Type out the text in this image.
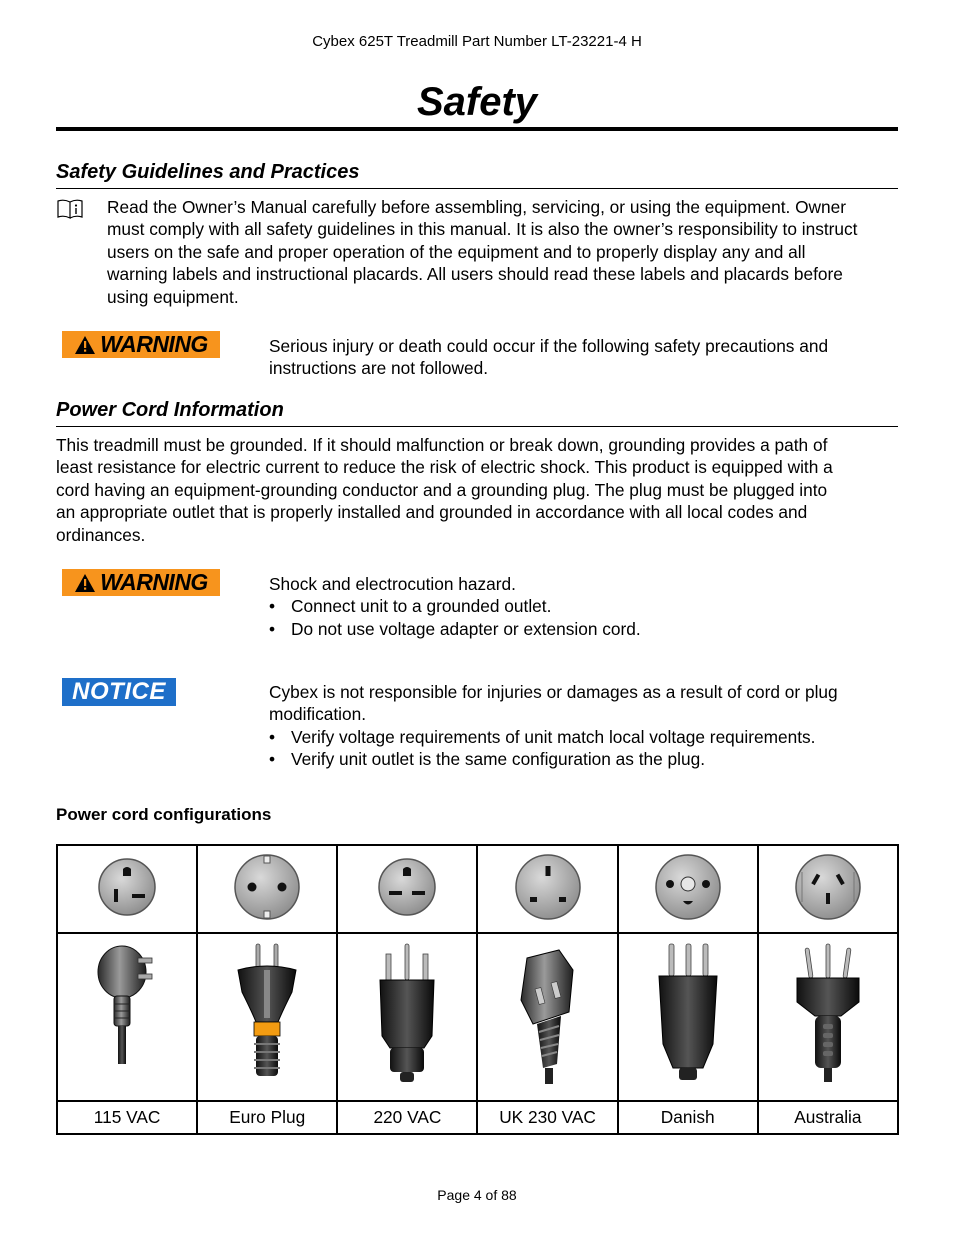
Cybex 625T Treadmill Part Number LT-23221-4 H
Safety
Safety Guidelines and Practices

Read the Owner’s Manual carefully before assembling, servicing, or using the equipment. Owner

must comply with all safety guidelines in this manual. It is also the owner’s responsibility to instruct

users on the safe and proper operation of the equipment and to properly display any and all

warning labels and instructional placards. All users should read these labels and placards before

using equipment.

WARNING	Serious injury or death could occur if the following safety precautions and

instructions are not followed.

Power Cord Information

This treadmill must be grounded. If it should malfunction or break down, grounding provides a path of

least resistance for electric current to reduce the risk of electric shock. This product is equipped with a

cord having an equipment-grounding conductor and a grounding plug. The plug must be plugged into

an appropriate outlet that is properly installed and grounded in accordance with all local codes and

ordinances.

WARNING	Shock and electrocution hazard.

• Connect unit to a grounded outlet.
• Do not use voltage adapter or extension cord.
NOTICE	Cybex is not responsible for injuries or damages as a result of cord or plug

modification.

• Verify voltage requirements of unit match local voltage requirements.
• Verify unit outlet is the same configuration as the plug.
Power cord configurations

115 VAC	Euro Plug	220 VAC	UK 230 VAC	Danish	Australia
Page 4 of 88
